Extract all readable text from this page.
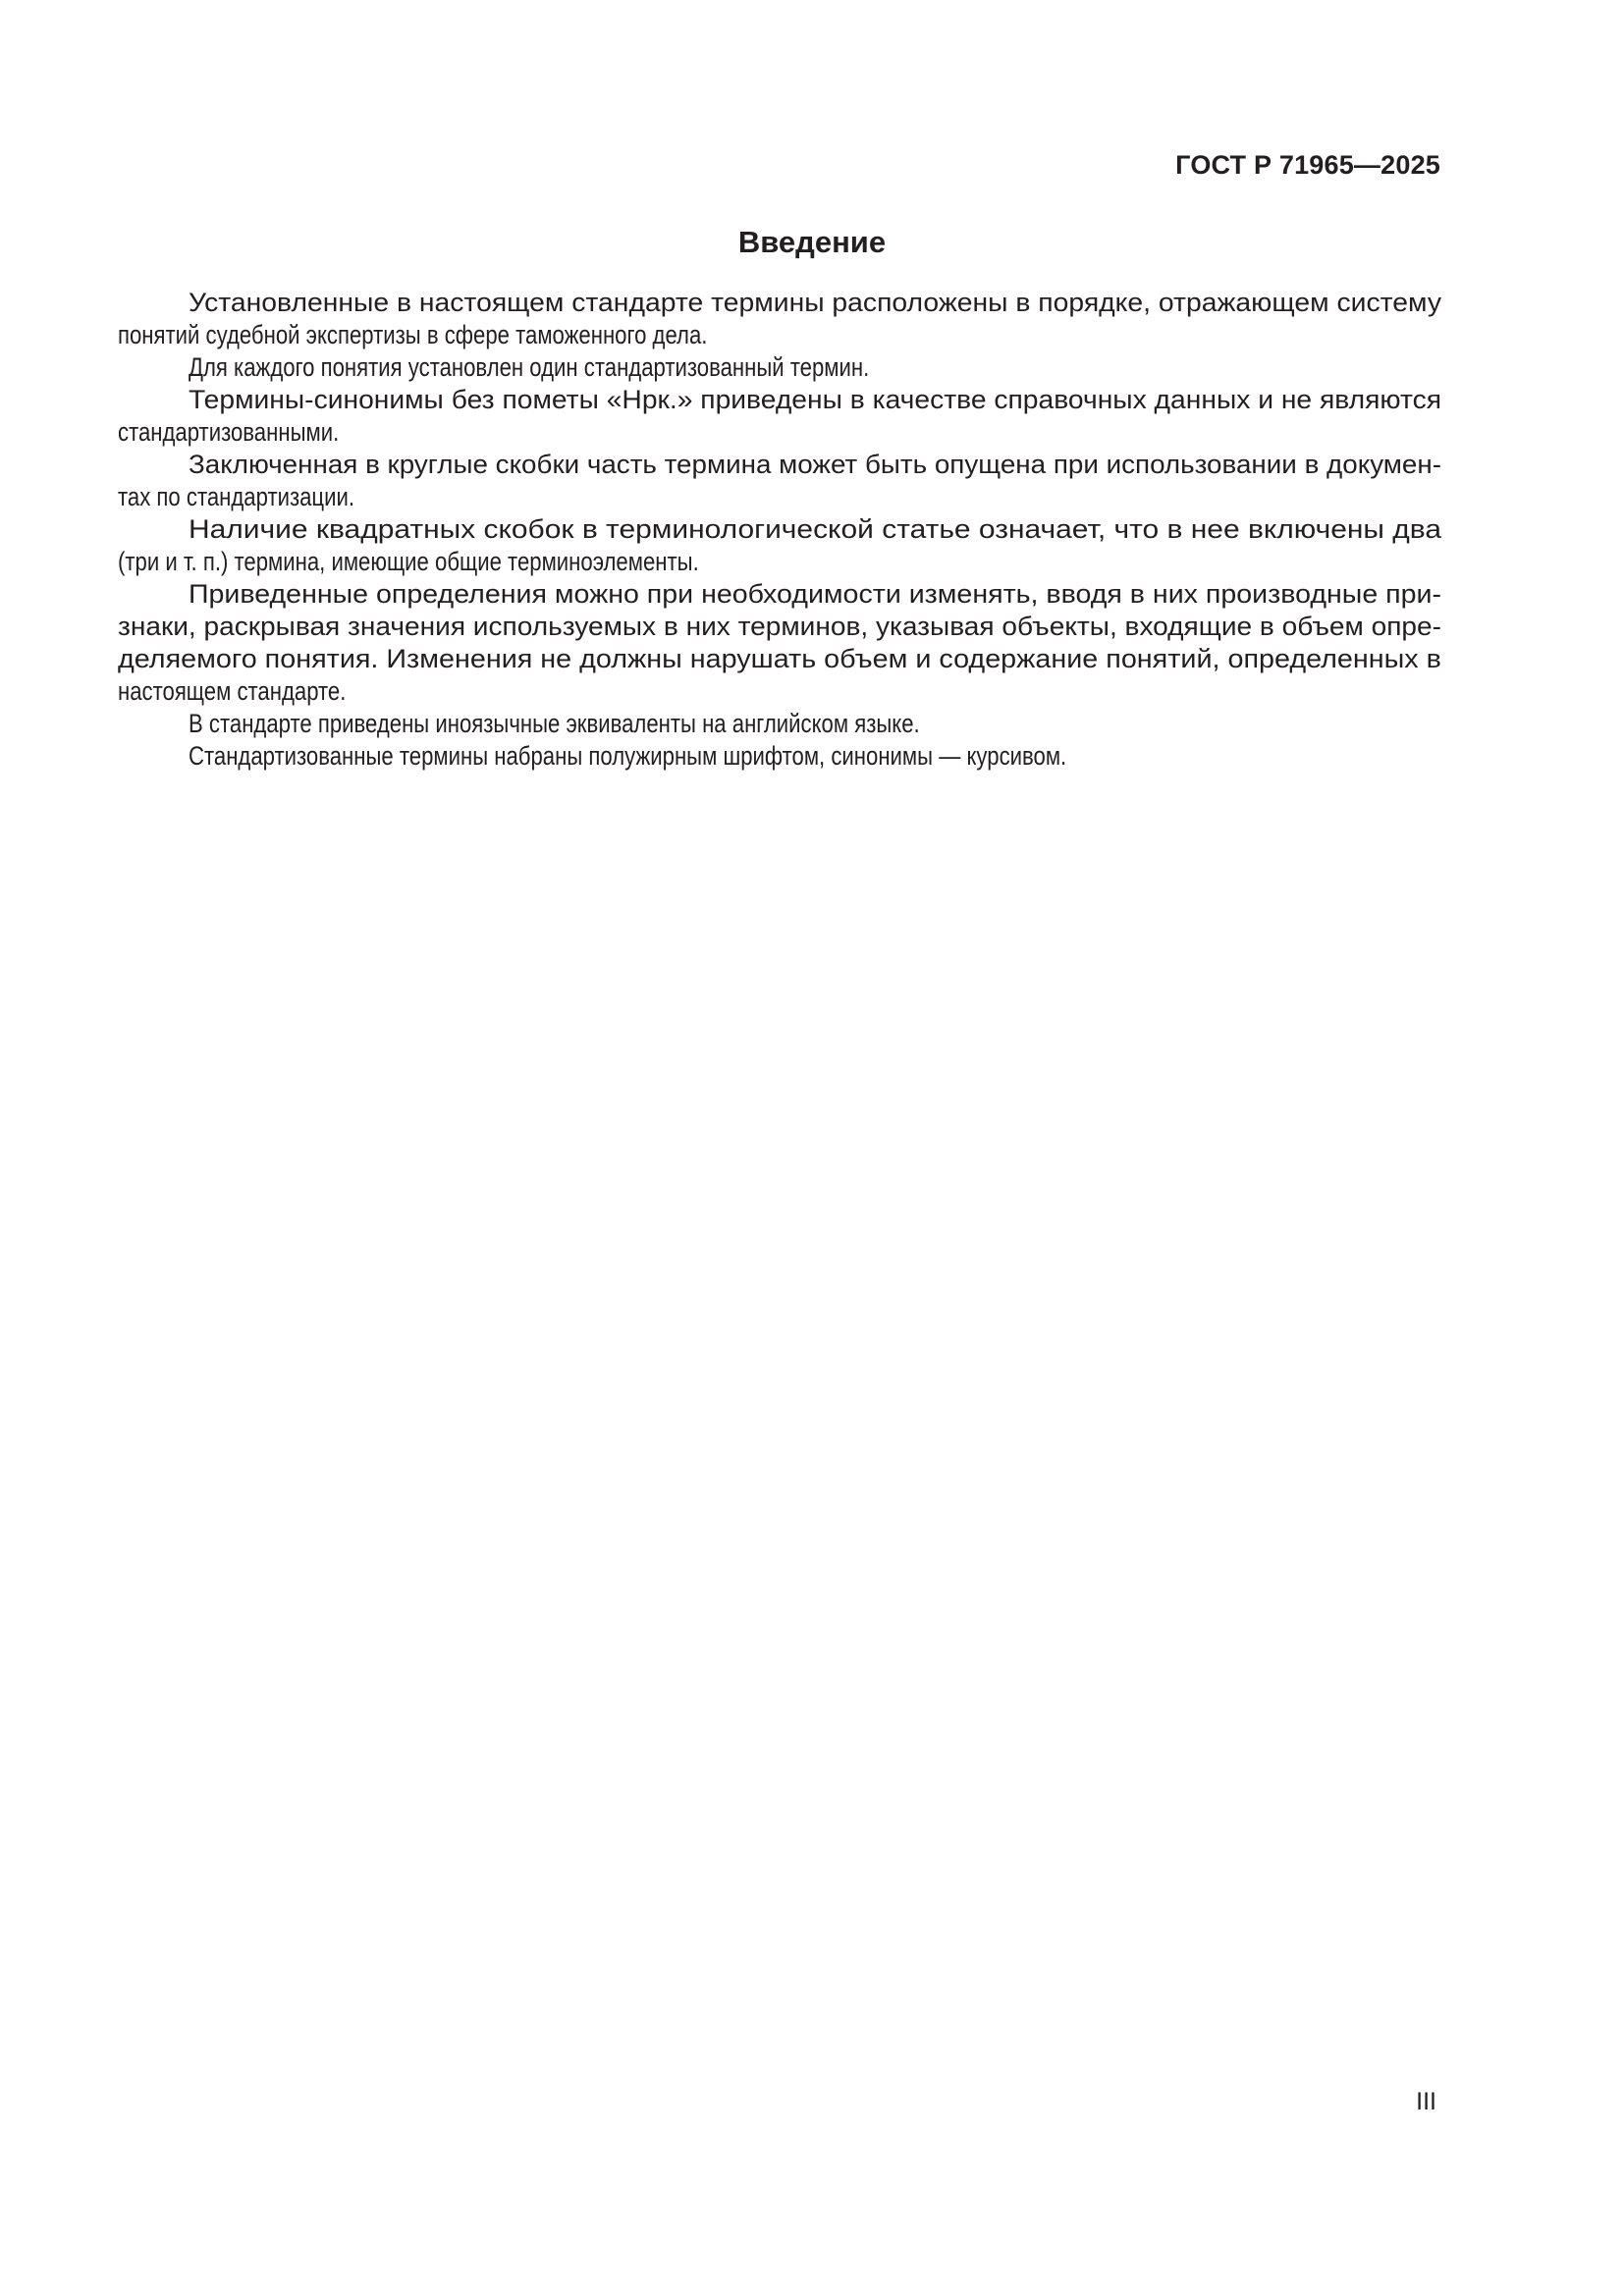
ГОСТ Р 71965—2025
Введение
Установленные в настоящем стандарте термины расположены в порядке, отражающем систему
понятий судебной экспертизы в сфере таможенного дела.
Для каждого понятия установлен один стандартизованный термин.
Термины-синонимы без пометы «Нрк.» приведены в качестве справочных данных и не являются
стандартизованными.
Заключенная в круглые скобки часть термина может быть опущена при использовании в докумен-
тах по стандартизации.
Наличие квадратных скобок в терминологической статье означает, что в нее включены два
(три и т. п.) термина, имеющие общие терминоэлементы.
Приведенные определения можно при необходимости изменять, вводя в них производные при-
знаки, раскрывая значения используемых в них терминов, указывая объекты, входящие в объем опре-
деляемого понятия. Изменения не должны нарушать объем и содержание понятий, определенных в
настоящем стандарте.
В стандарте приведены иноязычные эквиваленты на английском языке.
Стандартизованные термины набраны полужирным шрифтом, синонимы — курсивом.
III
